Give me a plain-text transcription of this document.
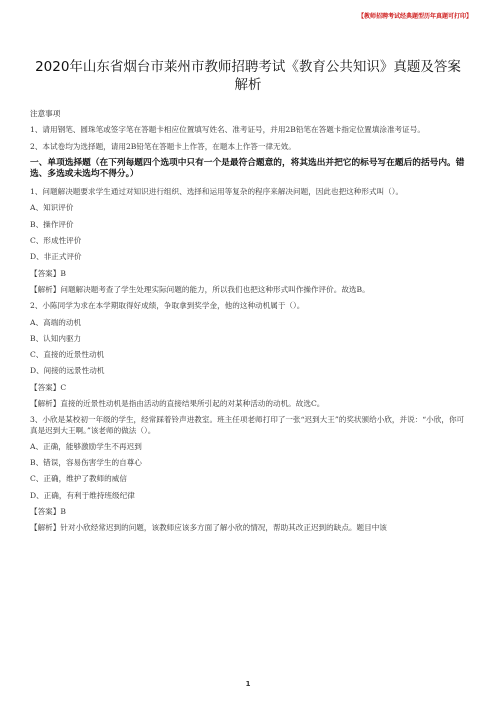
【教师招聘考试经典题型历年真题可打印】
2020年山东省烟台市莱州市教师招聘考试《教育公共知识》真题及答案解析

注意事项

1、请用钢笔、圆珠笔或签字笔在答题卡相应位置填写姓名、准考证号，并用2B铅笔在答题卡指定位置填涂准考证号。

2、本试卷均为选择题，请用2B铅笔在答题卡上作答，在题本上作答一律无效。

一、单项选择题（在下列每题四个选项中只有一个是最符合题意的，将其选出并把它的标号写在题后的括号内。错选、多选或未选均不得分。）

1、问题解决题要求学生通过对知识进行组织、选择和运用等复杂的程序来解决问题，因此也把这种形式叫（）。

A、知识评价

B、操作评价

C、形成性评价

D、非正式评价

【答案】B

【解析】问题解决题考查了学生处理实际问题的能力，所以我们也把这种形式叫作操作评价。故选B。

2、小陈同学为求在本学期取得好成绩，争取拿到奖学金，他的这种动机属于（）。

A、高端的动机

B、认知内驱力

C、直接的近景性动机

D、间接的远景性动机

【答案】C

【解析】直接的近景性动机是指由活动的直接结果所引起的对某种活动的动机。故选C。

3、小欣是某校初一年级的学生，经常踩着铃声进教室。班主任项老师打印了一张“迟到大王”的奖状颁给小欣，并说：“小欣，你可真是迟到大王啊。”该老师的做法（）。

A、正确，能够激励学生不再迟到

B、错误，容易伤害学生的自尊心

C、正确，维护了教师的威信

D、正确，有利于维持班级纪律

【答案】B

【解析】针对小欣经常迟到的问题，该教师应该多方面了解小欣的情况，帮助其改正迟到的缺点。题目中该

1
